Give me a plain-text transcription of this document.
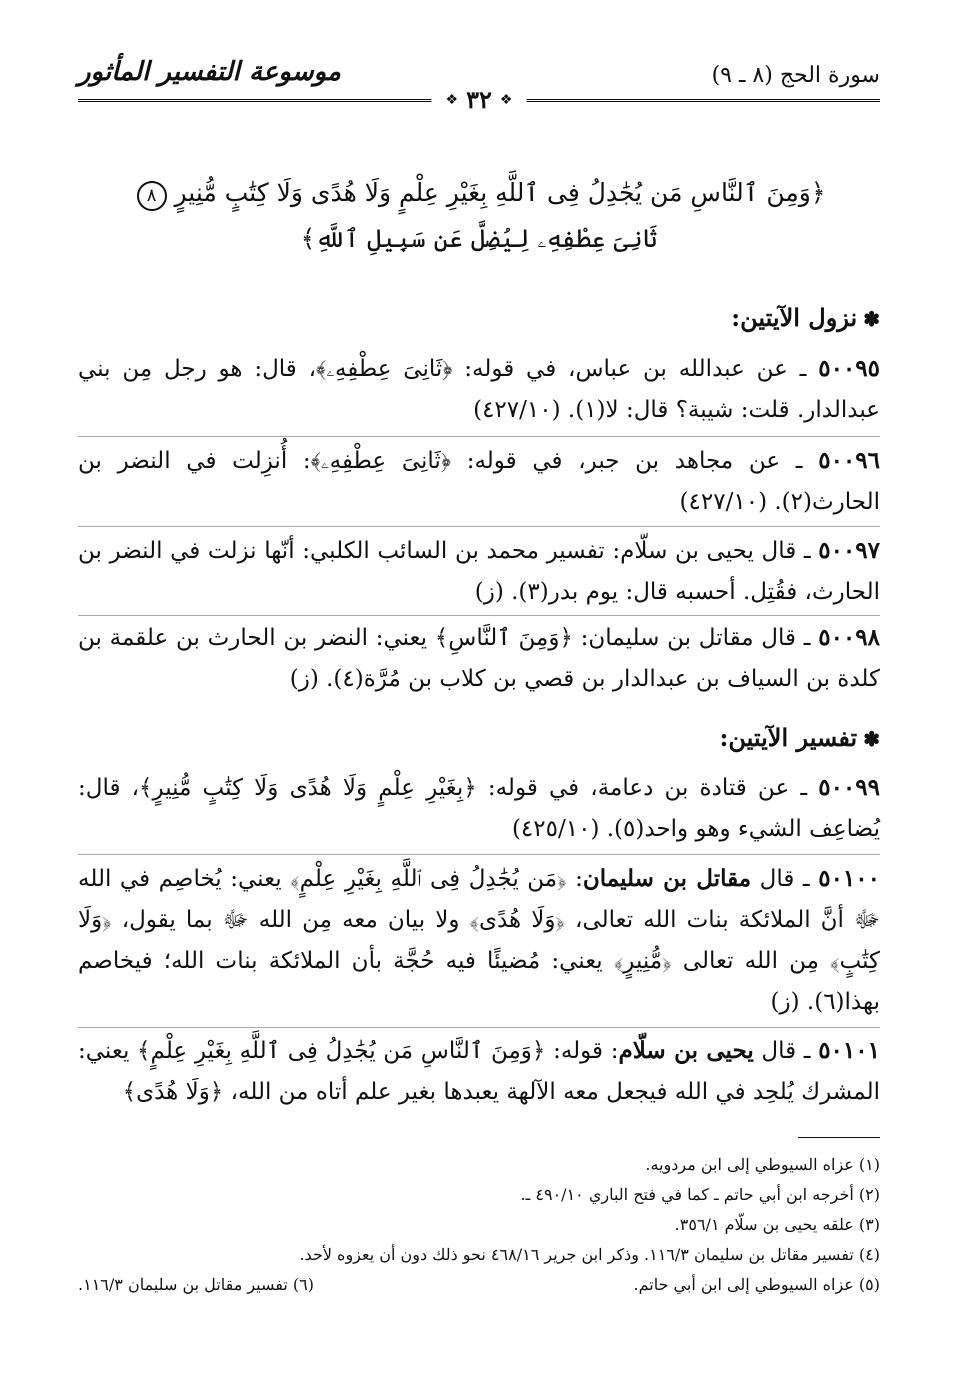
سورة الحج (٨ ـ ٩)
موسوعة التفسير المأثور
❖
٣٢
❖
﴿وَمِنَ ٱلنَّاسِ مَن يُجَٰدِلُ فِى ٱللَّهِ بِغَيْرِ عِلْمٍ وَلَا هُدًى وَلَا كِتَٰبٍ مُّنِيرٍ ٨
ثَانِىَ عِطْفِهِۦ لِيُضِلَّ عَن سَبِيلِ ٱللَّهِ﴾
✽نزول الآيتين:
٥٠٠٩٥ ـ عن عبدالله بن عباس، في قوله: ﴿ثَانِىَ عِطْفِهِۦ﴾، قال: هو رجل مِن بني عبدالدار. قلت: شيبة؟ قال: لا(١). (٤٢٧/١٠)
٥٠٠٩٦ ـ عن مجاهد بن جبر، في قوله: ﴿ثَانِىَ عِطْفِهِۦ﴾: أُنزِلت في النضر بن الحارث(٢). (٤٢٧/١٠)
٥٠٠٩٧ ـ قال يحيى بن سلّام: تفسير محمد بن السائب الكلبي: أنّها نزلت في النضر بن الحارث، فقُتِل. أحسبه قال: يوم بدر(٣). (ز)
٥٠٠٩٨ ـ قال مقاتل بن سليمان: ﴿وَمِنَ ٱلنَّاسِ﴾ يعني: النضر بن الحارث بن علقمة بن كلدة بن السياف بن عبدالدار بن قصي بن كلاب بن مُرَّة(٤). (ز)
✽تفسير الآيتين:
٥٠٠٩٩ ـ عن قتادة بن دعامة، في قوله: ﴿بِغَيْرِ عِلْمٍ وَلَا هُدًى وَلَا كِتَٰبٍ مُّنِيرٍ﴾، قال: يُضاعِف الشيء وهو واحد(٥). (٤٢٥/١٠)
٥٠١٠٠ ـ قال مقاتل بن سليمان: ﴿مَن يُجَٰدِلُ فِى ٱللَّهِ بِغَيْرِ عِلْمٍ﴾ يعني: يُخاصِم في الله ﷻ أنَّ الملائكة بنات الله تعالى، ﴿وَلَا هُدًى﴾ ولا بيان معه مِن الله ﷻ بما يقول، ﴿وَلَا كِتَٰبٍ﴾ مِن الله تعالى ﴿مُّنِيرٍ﴾ يعني: مُضيئًا فيه حُجَّة بأن الملائكة بنات الله؛ فيخاصم بهذا(٦). (ز)
٥٠١٠١ ـ قال يحيى بن سلّام: قوله: ﴿وَمِنَ ٱلنَّاسِ مَن يُجَٰدِلُ فِى ٱللَّهِ بِغَيْرِ عِلْمٍ﴾ يعني: المشرك يُلحِد في الله فيجعل معه الآلهة يعبدها بغير علم أتاه من الله، ﴿وَلَا هُدًى﴾
(١) عزاه السيوطي إلى ابن مردويه.
(٢) أخرجه ابن أبي حاتم ـ كما في فتح الباري ٤٩٠/١٠ ـ.
(٣) علقه يحيى بن سلّام ٣٥٦/١.
(٤) تفسير مقاتل بن سليمان ١١٦/٣. وذكر ابن جرير ٤٦٨/١٦ نحو ذلك دون أن يعزوه لأحد.
(٥) عزاه السيوطي إلى ابن أبي حاتم.
(٦) تفسير مقاتل بن سليمان ١١٦/٣.
